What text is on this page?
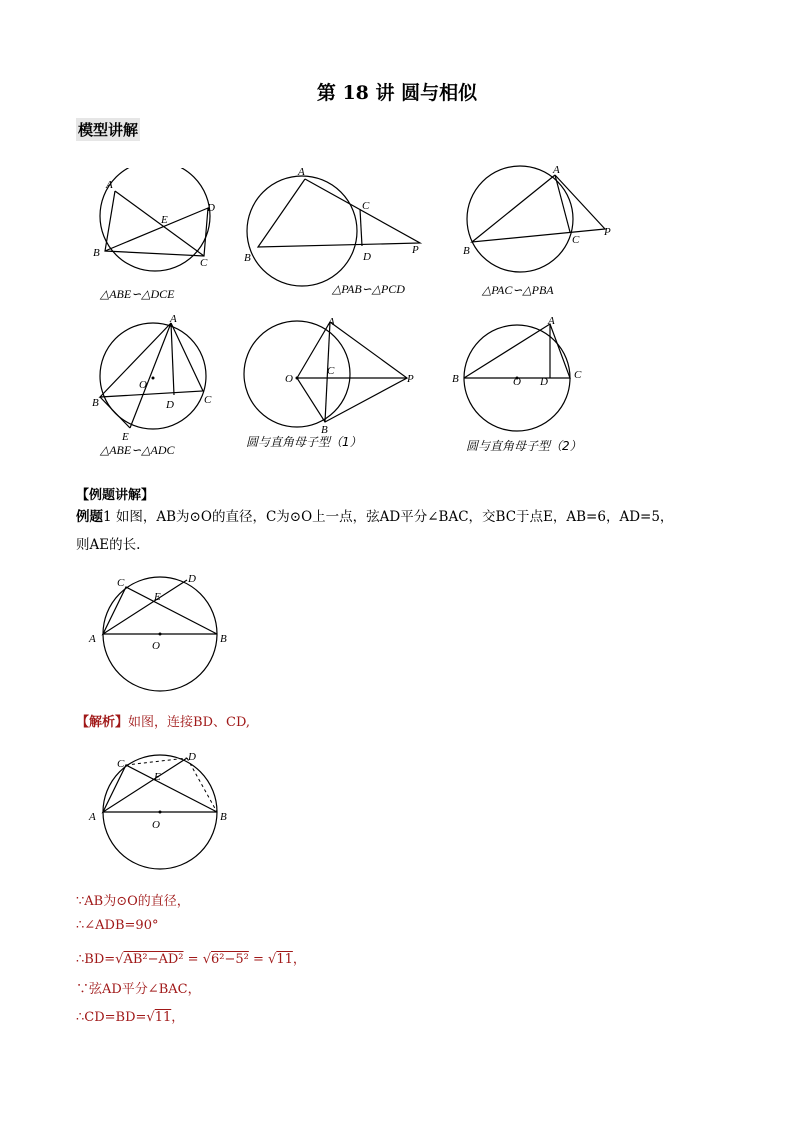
第 18 讲 圆与相似
模型讲解
A
B
C
D
E
△ABE∽△DCE
A
B
C
D
P
△PAB∽△PCD
A
B
C
P
△PAC∽△PBA
A
B	C
D
E
O
△ABE∽△ADC
A
B
C
O	P
圆与直角母子型（1）
A
B	C
D
O
圆与直角母子型（2）
【例题讲解】
例题1 如图，AB为⊙O的直径，C为⊙O上一点，弦AD平分∠BAC，交BC于点E，AB=6，AD=5，
则AE的长.
C	D
E
A	B
O
【解析】如图，连接BD、CD,
C
D
E
A	B
O
∵AB为⊙O的直径，
∴∠ADB=90°
∴BD=√AB²−AD² = √6²−5² = √11，
∵弦AD平分∠BAC，
∴CD=BD=√11，
